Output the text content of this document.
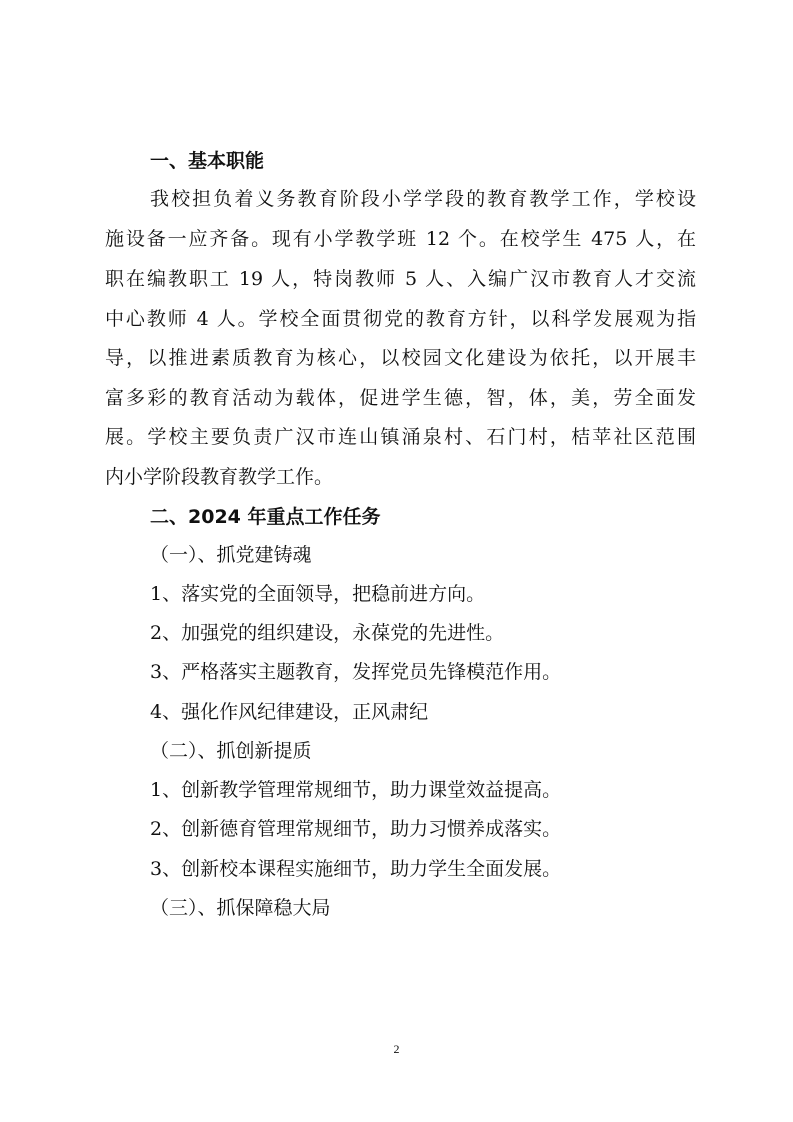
一、基本职能

我校担负着义务教育阶段小学学段的教育教学工作，学校设

施设备一应齐备。现有小学教学班 12 个。在校学生 475 人，在

职在编教职工 19 人，特岗教师 5 人、入编广汉市教育人才交流

中心教师 4 人。学校全面贯彻党的教育方针，以科学发展观为指

导，以推进素质教育为核心，以校园文化建设为依托，以开展丰

富多彩的教育活动为载体，促进学生德，智，体，美，劳全面发

展。学校主要负责广汉市连山镇涌泉村、石门村，桔苹社区范围

内小学阶段教育教学工作。

二、2024 年重点工作任务

（一）、抓党建铸魂

1、落实党的全面领导，把稳前进方向。

2、加强党的组织建设，永葆党的先进性。

3、严格落实主题教育，发挥党员先锋模范作用。

4、强化作风纪律建设，正风肃纪

（二）、抓创新提质

1、创新教学管理常规细节，助力课堂效益提高。

2、创新德育管理常规细节，助力习惯养成落实。

3、创新校本课程实施细节，助力学生全面发展。

（三）、抓保障稳大局

2
